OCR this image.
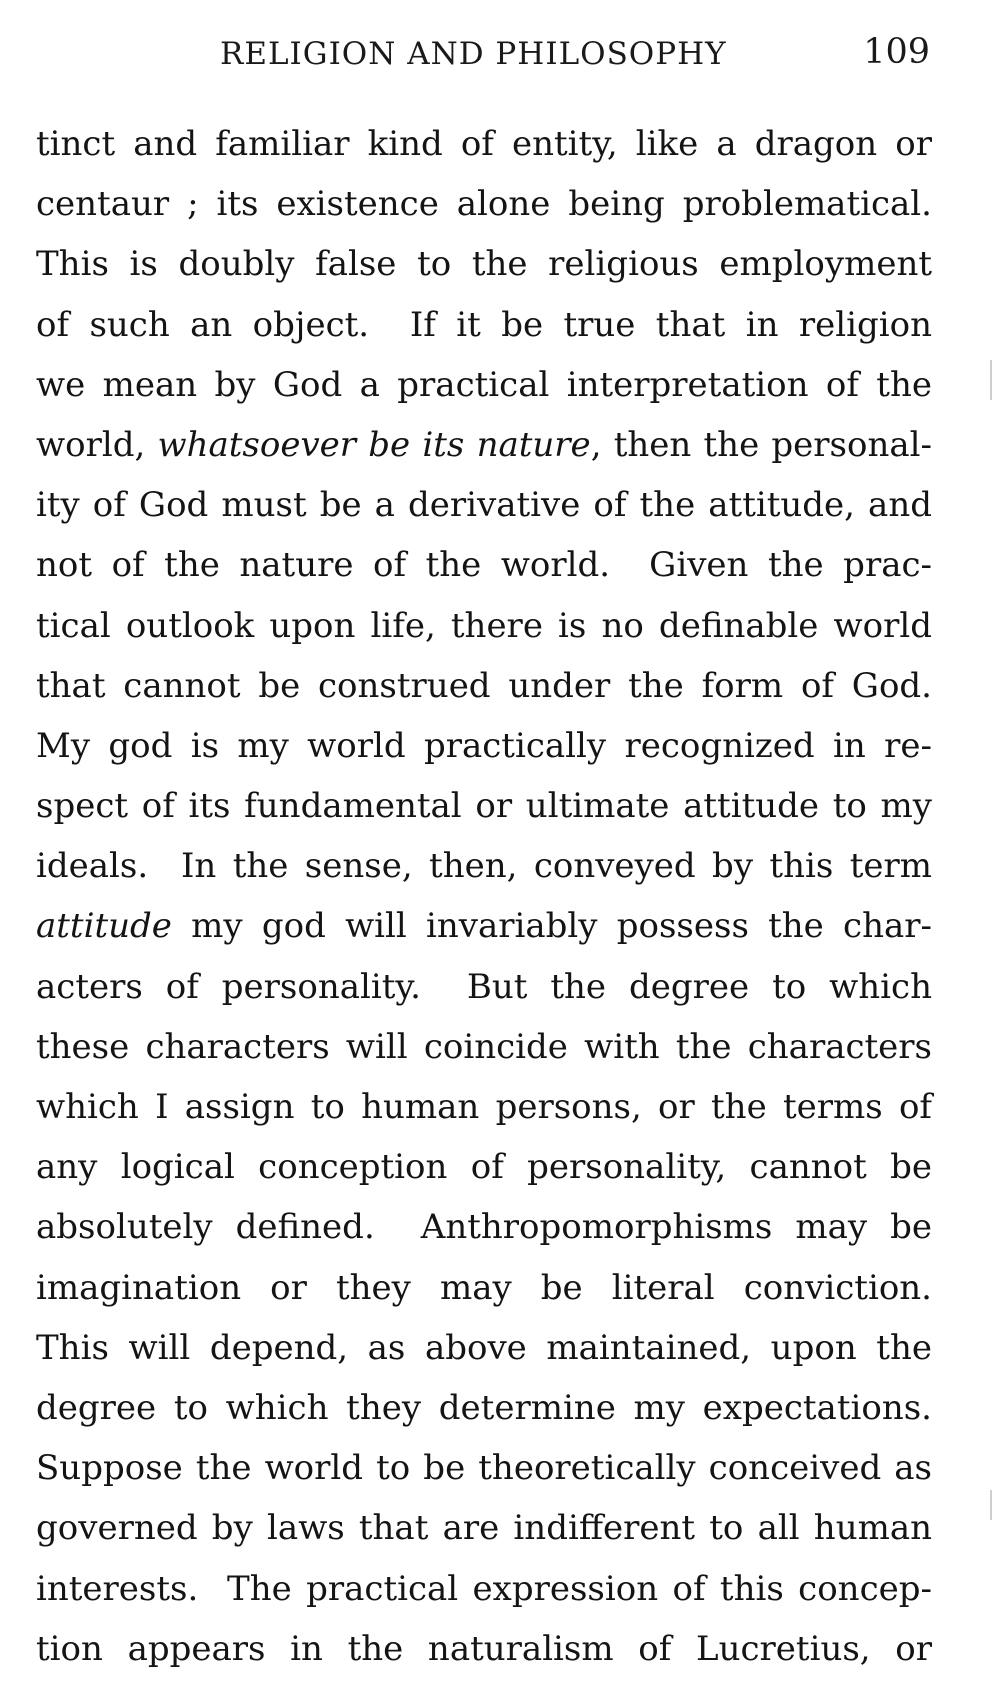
RELIGION AND PHILOSOPHY	109
tinct and familiar kind of entity, like a dragon or
centaur ; its existence alone being problematical.
This is doubly false to the religious employment
of such an object.  If it be true that in religion
we mean by God a practical interpretation of the
world, whatsoever be its nature, then the personal-
ity of God must be a derivative of the attitude, and
not of the nature of the world.  Given the prac-
tical outlook upon life, there is no definable world
that cannot be construed under the form of God.
My god is my world practically recognized in re-
spect of its fundamental or ultimate attitude to my
ideals.  In the sense, then, conveyed by this term
attitude my god will invariably possess the char-
acters of personality.  But the degree to which
these characters will coincide with the characters
which I assign to human persons, or the terms of
any logical conception of personality, cannot be
absolutely defined.  Anthropomorphisms may be
imagination or they may be literal conviction.
This will depend, as above maintained, upon the
degree to which they determine my expectations.
Suppose the world to be theoretically conceived as
governed by laws that are indifferent to all human
interests.  The practical expression of this concep-
tion appears in the naturalism of Lucretius, or
